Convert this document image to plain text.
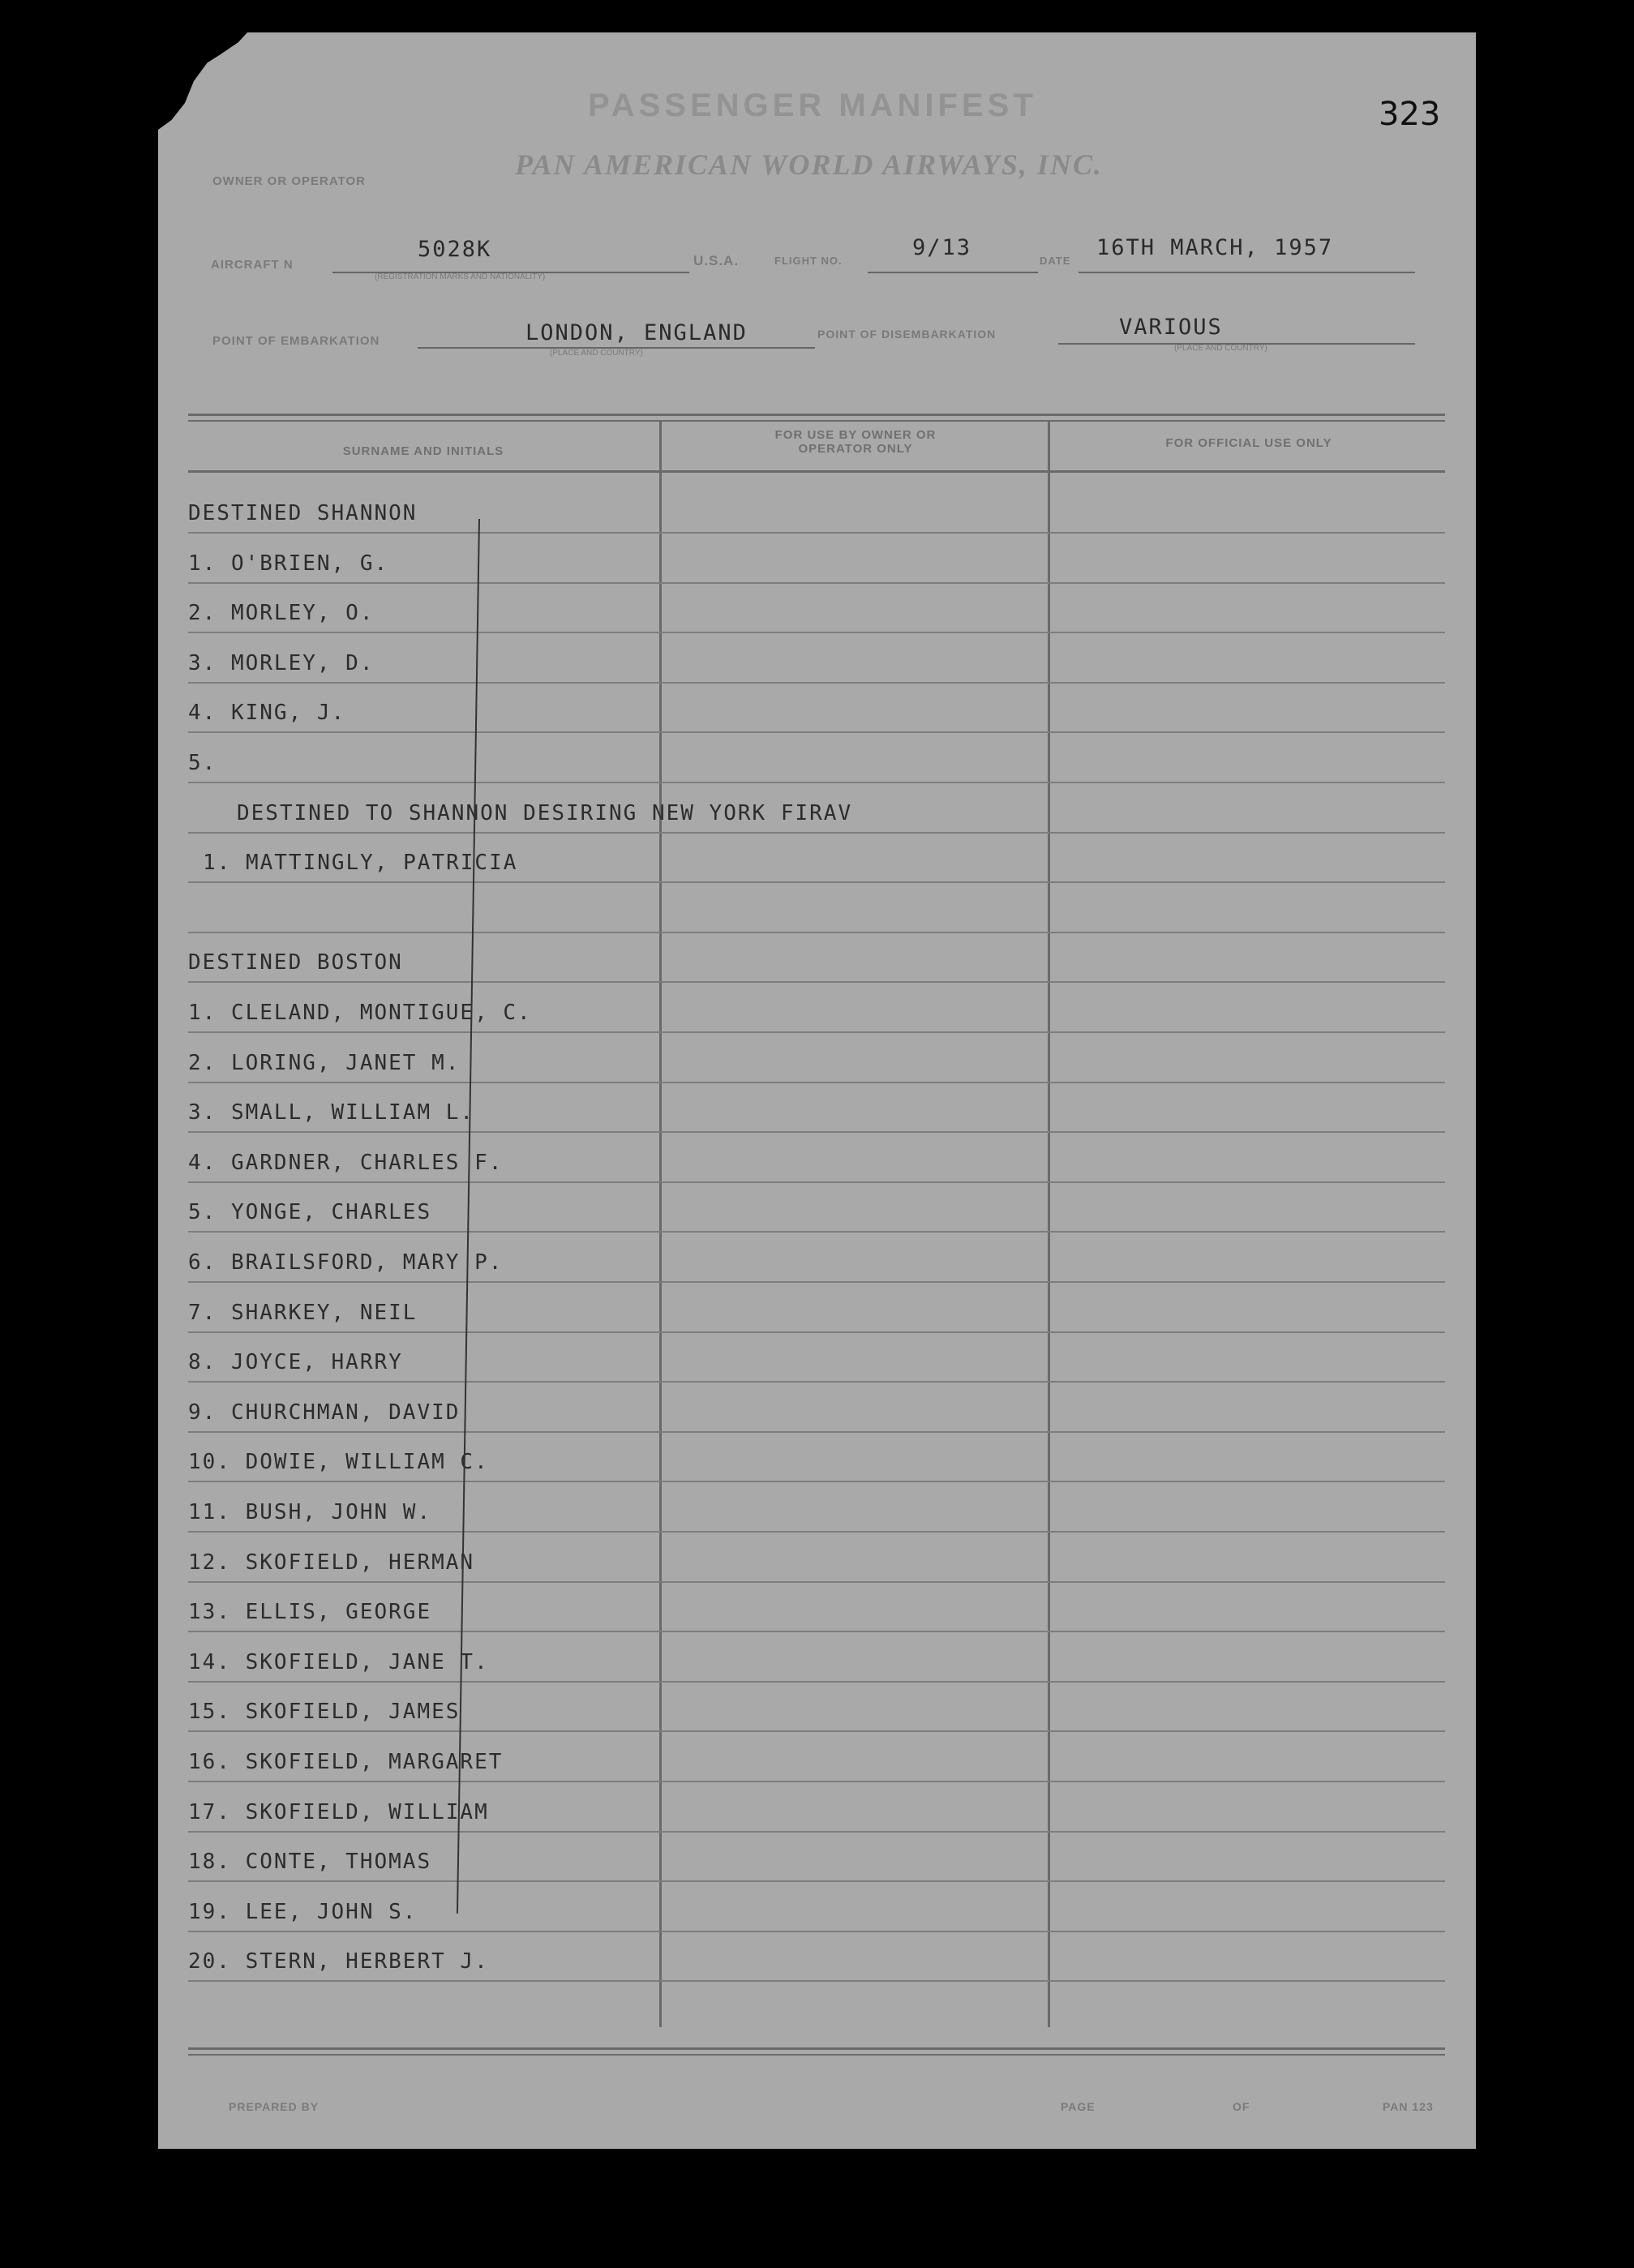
323
PASSENGER MANIFEST
OWNER OR OPERATOR
PAN AMERICAN WORLD AIRWAYS, INC.
AIRCRAFT N
5028K
(REGISTRATION MARKS AND NATIONALITY)
U.S.A.	FLIGHT NO.
9/13
DATE
16TH MARCH, 1957
POINT OF EMBARKATION	LONDON, ENGLAND
(PLACE AND COUNTRY)
POINT OF DISEMBARKATION	VARIOUS
(PLACE AND COUNTRY)
SURNAME AND INITIALS
FOR USE BY OWNER OR OPERATOR ONLY	FOR OFFICIAL USE ONLY
DESTINED SHANNON
1. O'BRIEN, G.
2. MORLEY, O.
3. MORLEY, D.
4. KING, J.
5.
DESTINED TO SHANNON DESIRING NEW YORK FIRAV
1. MATTINGLY, PATRICIA
DESTINED BOSTON
1. CLELAND, MONTIGUE, C.
2. LORING, JANET M.
3. SMALL, WILLIAM L.
4. GARDNER, CHARLES F.
5. YONGE, CHARLES
6. BRAILSFORD, MARY P.
7. SHARKEY, NEIL
8. JOYCE, HARRY
9. CHURCHMAN, DAVID
10. DOWIE, WILLIAM C.
11. BUSH, JOHN W.
12. SKOFIELD, HERMAN
13. ELLIS, GEORGE
14. SKOFIELD, JANE T.
15. SKOFIELD, JAMES
16. SKOFIELD, MARGARET
17. SKOFIELD, WILLIAM
18. CONTE, THOMAS
19. LEE, JOHN S.
20. STERN, HERBERT J.
PREPARED BY	PAGE	OF	PAN 123
